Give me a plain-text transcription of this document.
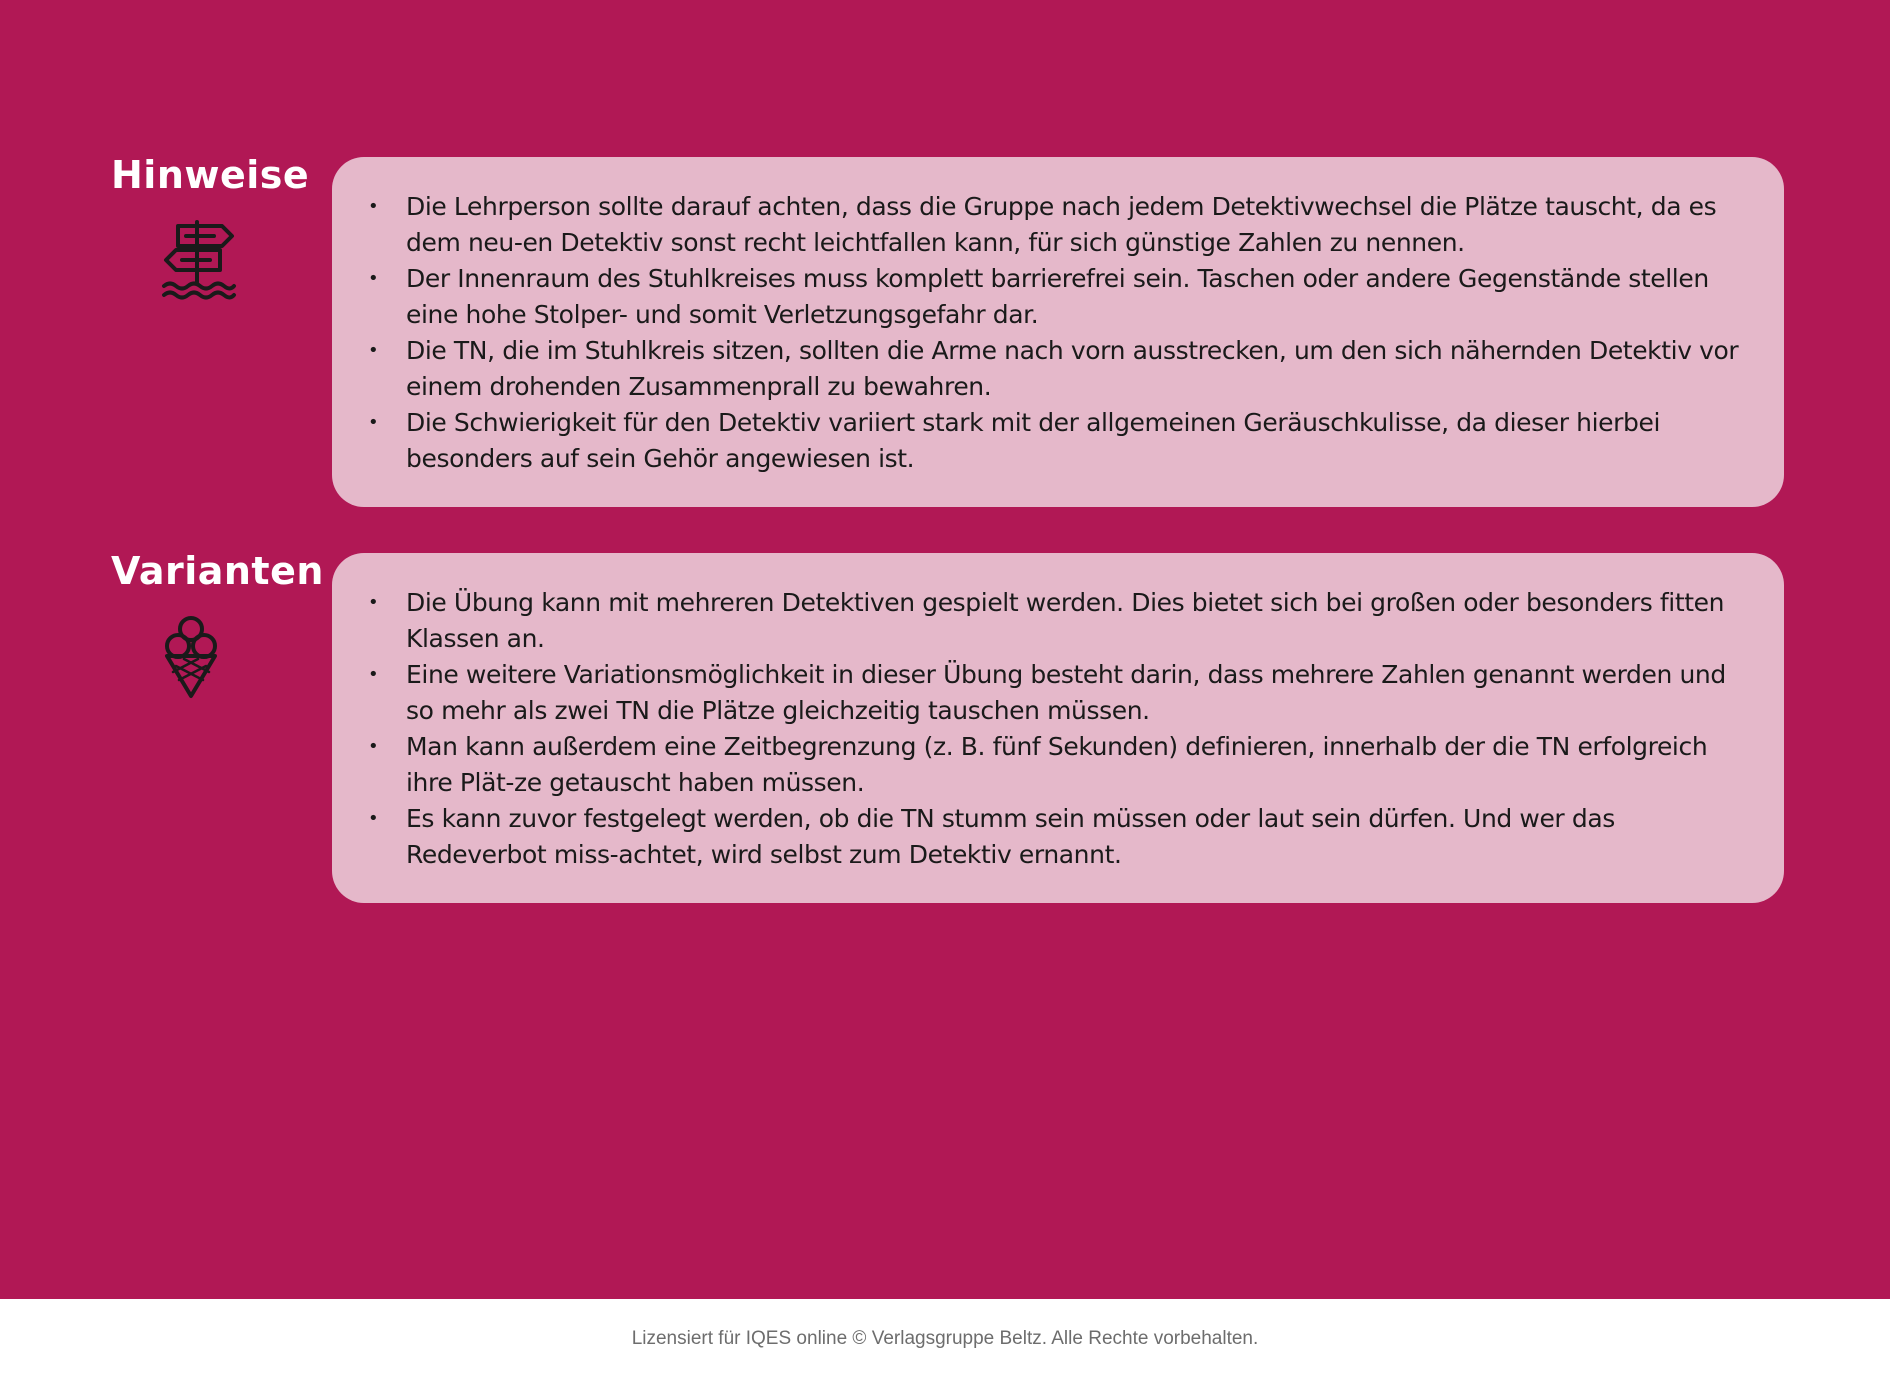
Hinweise
•	Die Lehrperson sollte darauf achten, dass die Gruppe nach jedem Detektivwechsel die Plätze tauscht, da es dem neu-en Detektiv sonst recht leichtfallen kann, für sich günstige Zahlen zu nennen.
•	Der Innenraum des Stuhlkreises muss komplett barrierefrei sein. Taschen oder andere Gegenstände stellen eine hohe Stolper- und somit Verletzungsgefahr dar.
•	Die TN, die im Stuhlkreis sitzen, sollten die Arme nach vorn ausstrecken, um den sich nähernden Detektiv vor einem drohenden Zusammenprall zu bewahren.
•	Die Schwierigkeit für den Detektiv variiert stark mit der allgemeinen Geräuschkulisse, da dieser hierbei besonders auf sein Gehör angewiesen ist.
Varianten
•	Die Übung kann mit mehreren Detektiven gespielt werden. Dies bietet sich bei großen oder besonders fitten Klassen an.
•	Eine weitere Variationsmöglichkeit in dieser Übung besteht darin, dass mehrere Zahlen genannt werden und so mehr als zwei TN die Plätze gleichzeitig tauschen müssen.
•	Man kann außerdem eine Zeitbegrenzung (z. B. fünf Sekunden) definieren, innerhalb der die TN erfolgreich ihre Plät-ze getauscht haben müssen.
•	Es kann zuvor festgelegt werden, ob die TN stumm sein müssen oder laut sein dürfen. Und wer das Redeverbot miss-achtet, wird selbst zum Detektiv ernannt.
Lizensiert für IQES online © Verlagsgruppe Beltz. Alle Rechte vorbehalten.
